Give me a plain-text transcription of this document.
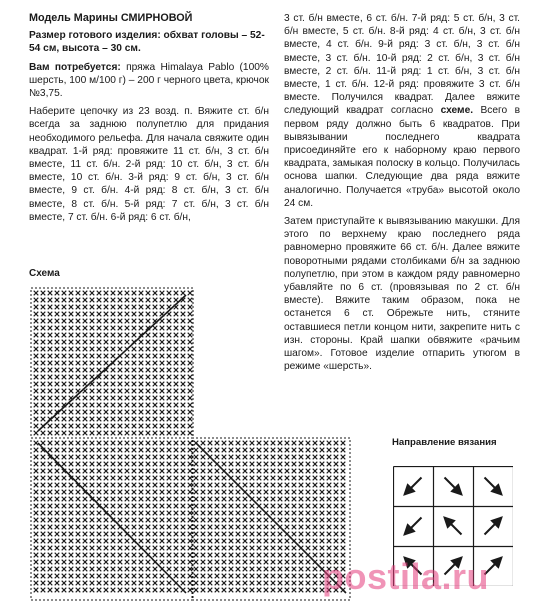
Модель Марины СМИРНОВОЙ
Размер готового изделия: обхват головы – 52-54 см, высота – 30 см.
Вам потребуется: пряжа Himalaya Pablo (100% шерсть, 100 м/100 г) – 200 г черного цвета, крючок №3,75.
Наберите цепочку из 23 возд. п. Вяжите ст. б/н всегда за заднюю полупетлю для придания необходимого рельефа. Для начала свяжите один квадрат. 1-й ряд: провяжите 11 ст. б/н, 3 ст. б/н вместе, 11 ст. б/н. 2-й ряд: 10 ст. б/н, 3 ст. б/н вместе, 10 ст. б/н. 3-й ряд: 9 ст. б/н, 3 ст. б/н вместе, 9 ст. б/н. 4-й ряд: 8 ст. б/н, 3 ст. б/н вместе, 8 ст. б/н. 5-й ряд: 7 ст. б/н, 3 ст. б/н вместе, 7 ст. б/н. 6-й ряд: 6 ст. б/н,
3 ст. б/н вместе, 6 ст. б/н. 7-й ряд: 5 ст. б/н, 3 ст. б/н вместе, 5 ст. б/н. 8-й ряд: 4 ст. б/н, 3 ст. б/н вместе, 4 ст. б/н. 9-й ряд: 3 ст. б/н, 3 ст. б/н вместе, 3 ст. б/н. 10-й ряд: 2 ст. б/н, 3 ст. б/н вместе, 2 ст. б/н. 11-й ряд: 1 ст. б/н, 3 ст. б/н вместе, 1 ст. б/н. 12-й ряд: провяжите 3 ст. б/н вместе. Получился квадрат. Далее вяжите следующий квадрат согласно схеме. Всего в первом ряду должно быть 6 квадратов. При вывязывании последнего квадрата присоединяйте его к наборному краю первого квадрата, замыкая полоску в кольцо. Получилась основа шапки. Следующие два ряда вяжите аналогично. Получается «труба» высотой около 24 см.
Затем приступайте к вывязыванию макушки. Для этого по верхнему краю последнего ряда равномерно провяжите 66 ст. б/н. Далее вяжите поворотными рядами столбиками б/н за заднюю полупетлю, при этом в каждом ряду равномерно убавляйте по 6 ст. (провязывая по 2 ст. б/н вместе). Вяжите таким образом, пока не останется 6 ст. Обрежьте нить, стяните оставшиеся петли концом нити, закрепите нить с изн. стороны. Край шапки обвяжите «рачьим шагом». Готовое изделие отпарить утюгом в режиме «шерсть».
Схема
Направление вязания
postila.ru
